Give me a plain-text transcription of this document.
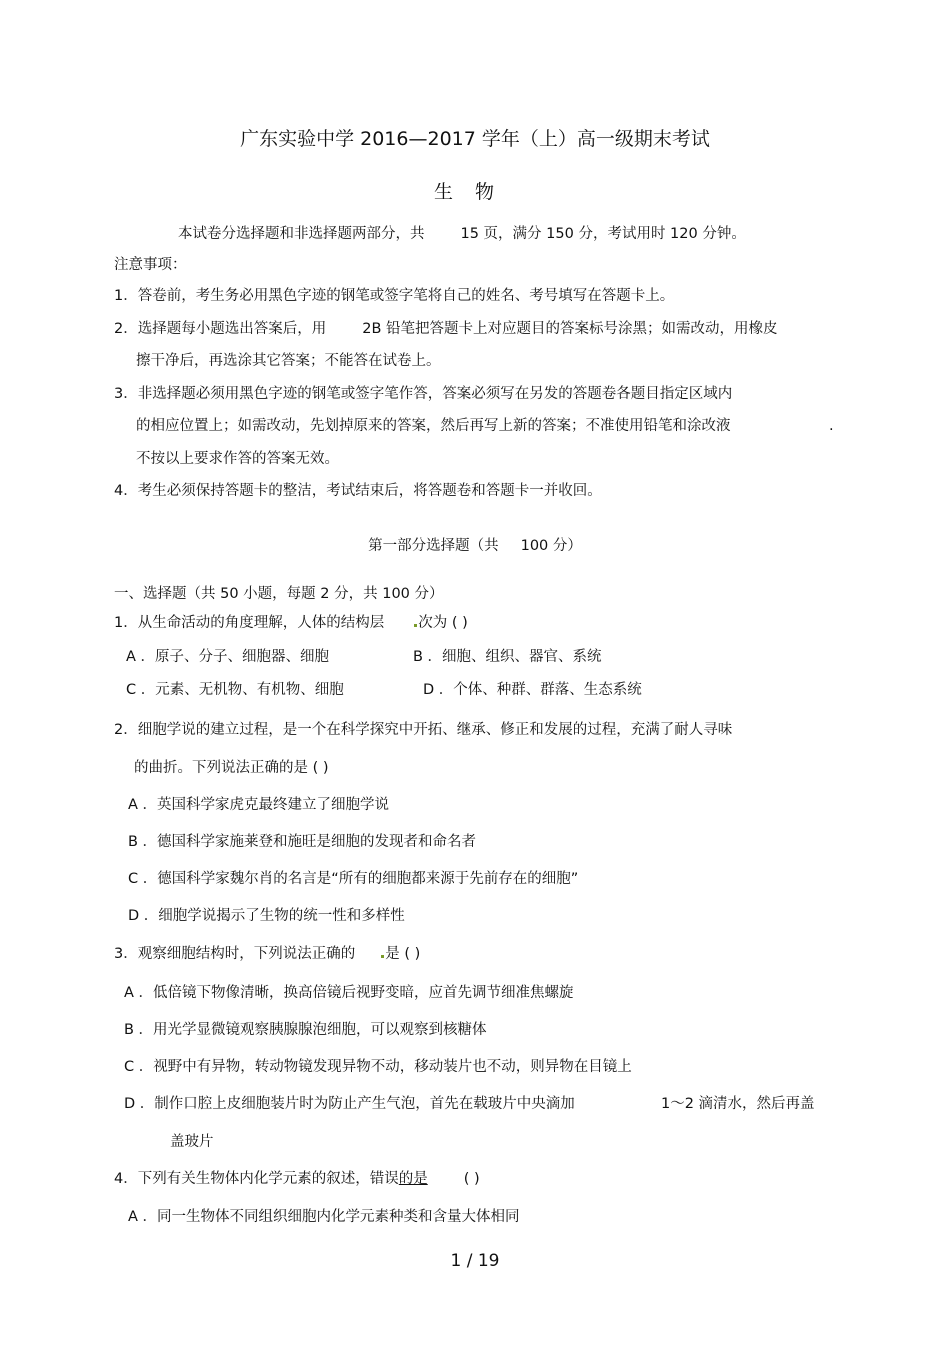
广东实验中学 2016—2017 学年（上）高一级期末考试
生物
本试卷分选择题和非选择题两部分，共 15 页，满分 150 分，考试用时 120 分钟。
注意事项：
1．答卷前，考生务必用黑色字迹的钢笔或签字笔将自己的姓名、考号填写在答题卡上。
2．选择题每小题选出答案后，用 2B 铅笔把答题卡上对应题目的答案标号涂黑；如需改动，用橡皮
擦干净后，再选涂其它答案；不能答在试卷上。
3．非选择题必须用黑色字迹的钢笔或签字笔作答，答案必须写在另发的答题卷各题目指定区域内
的相应位置上；如需改动，先划掉原来的答案，然后再写上新的答案；不准使用铅笔和涂改液	.
不按以上要求作答的答案无效。
4．考生必须保持答题卡的整洁，考试结束后，将答题卷和答题卡一并收回。
第一部分选择题（共 100 分）
一、选择题（共 50 小题，每题 2 分，共 100 分）
1．从生命活动的角度理解，人体的结构层 次为 ( )
A ．原子、分子、细胞器、细胞	B ．细胞、组织、器官、系统
C ．元素、无机物、有机物、细胞	D ．个体、种群、群落、生态系统
2．细胞学说的建立过程，是一个在科学探究中开拓、继承、修正和发展的过程，充满了耐人寻味
的曲折。下列说法正确的是 ( )
A ．英国科学家虎克最终建立了细胞学说
B ．德国科学家施莱登和施旺是细胞的发现者和命名者
C ．德国科学家魏尔肖的名言是“所有的细胞都来源于先前存在的细胞”
D ．细胞学说揭示了生物的统一性和多样性
3．观察细胞结构时，下列说法正确的 是 ( )
A ．低倍镜下物像清晰，换高倍镜后视野变暗，应首先调节细准焦螺旋
B ．用光学显微镜观察胰腺腺泡细胞，可以观察到核糖体
C ．视野中有异物，转动物镜发现异物不动，移动装片也不动，则异物在目镜上
D ．制作口腔上皮细胞装片时为防止产生气泡，首先在载玻片中央滴加	1～2 滴清水，然后再盖
盖玻片
4．下列有关生物体内化学元素的叙述，错误的是 ( )
A ．同一生物体不同组织细胞内化学元素种类和含量大体相同
1 / 19
